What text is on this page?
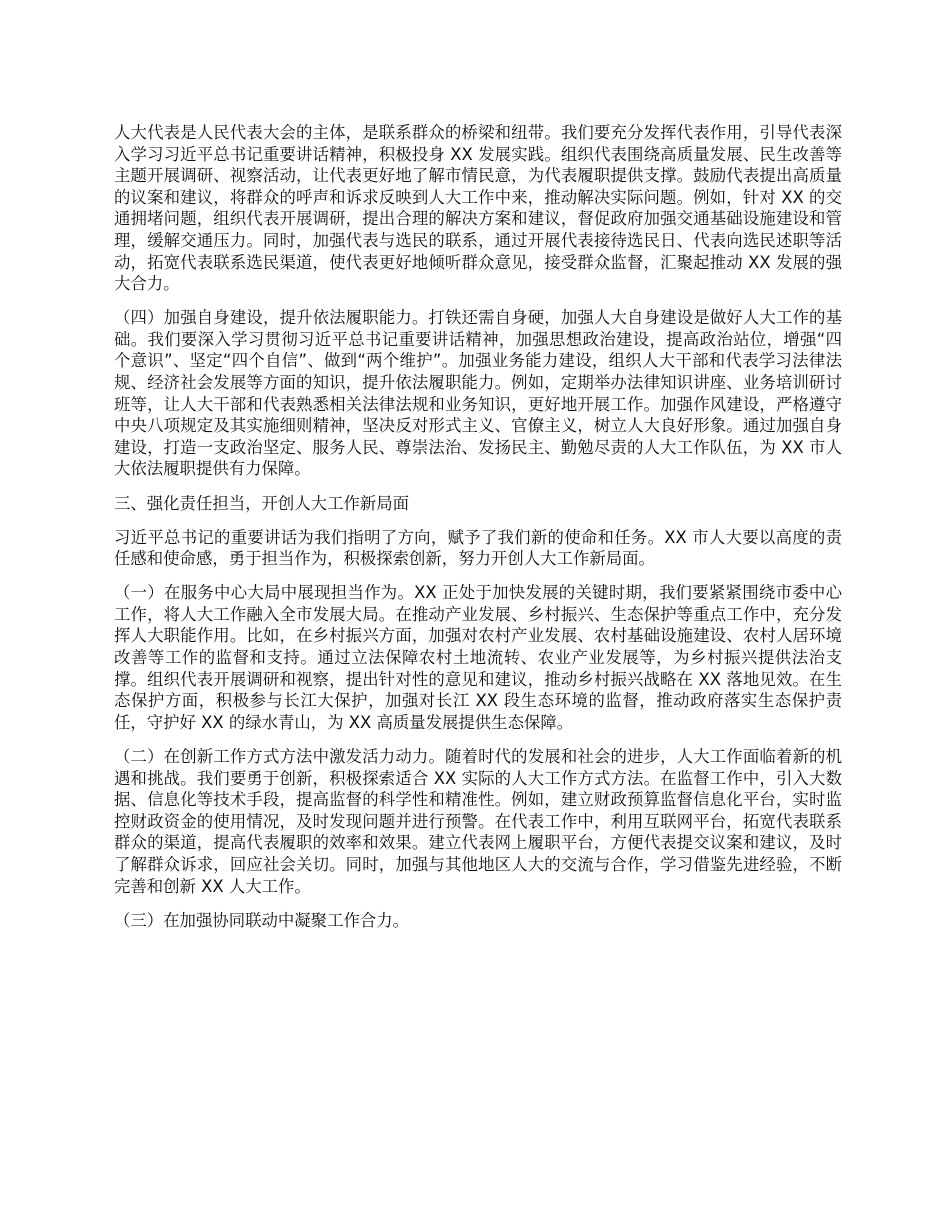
人大代表是人民代表大会的主体，是联系群众的桥梁和纽带。我们要充分发挥代表作用，引导代表深入学习习近平总书记重要讲话精神，积极投身 XX 发展实践。组织代表围绕高质量发展、民生改善等主题开展调研、视察活动，让代表更好地了解市情民意，为代表履职提供支撑。鼓励代表提出高质量的议案和建议，将群众的呼声和诉求反映到人大工作中来，推动解决实际问题。例如，针对 XX 的交通拥堵问题，组织代表开展调研，提出合理的解决方案和建议，督促政府加强交通基础设施建设和管理，缓解交通压力。同时，加强代表与选民的联系，通过开展代表接待选民日、代表向选民述职等活动，拓宽代表联系选民渠道，使代表更好地倾听群众意见，接受群众监督，汇聚起推动 XX 发展的强大合力。

（四）加强自身建设，提升依法履职能力。打铁还需自身硬，加强人大自身建设是做好人大工作的基础。我们要深入学习贯彻习近平总书记重要讲话精神，加强思想政治建设，提高政治站位，增强“四个意识”、坚定“四个自信”、做到“两个维护”。加强业务能力建设，组织人大干部和代表学习法律法规、经济社会发展等方面的知识，提升依法履职能力。例如，定期举办法律知识讲座、业务培训研讨班等，让人大干部和代表熟悉相关法律法规和业务知识，更好地开展工作。加强作风建设，严格遵守中央八项规定及其实施细则精神，坚决反对形式主义、官僚主义，树立人大良好形象。通过加强自身建设，打造一支政治坚定、服务人民、尊崇法治、发扬民主、勤勉尽责的人大工作队伍，为 XX 市人大依法履职提供有力保障。

三、强化责任担当，开创人大工作新局面

习近平总书记的重要讲话为我们指明了方向，赋予了我们新的使命和任务。XX 市人大要以高度的责任感和使命感，勇于担当作为，积极探索创新，努力开创人大工作新局面。

（一）在服务中心大局中展现担当作为。XX 正处于加快发展的关键时期，我们要紧紧围绕市委中心工作，将人大工作融入全市发展大局。在推动产业发展、乡村振兴、生态保护等重点工作中，充分发挥人大职能作用。比如，在乡村振兴方面，加强对农村产业发展、农村基础设施建设、农村人居环境改善等工作的监督和支持。通过立法保障农村土地流转、农业产业发展等，为乡村振兴提供法治支撑。组织代表开展调研和视察，提出针对性的意见和建议，推动乡村振兴战略在 XX 落地见效。在生态保护方面，积极参与长江大保护，加强对长江 XX 段生态环境的监督，推动政府落实生态保护责任，守护好 XX 的绿水青山，为 XX 高质量发展提供生态保障。

（二）在创新工作方式方法中激发活力动力。随着时代的发展和社会的进步，人大工作面临着新的机遇和挑战。我们要勇于创新，积极探索适合 XX 实际的人大工作方式方法。在监督工作中，引入大数据、信息化等技术手段，提高监督的科学性和精准性。例如，建立财政预算监督信息化平台，实时监控财政资金的使用情况，及时发现问题并进行预警。在代表工作中，利用互联网平台，拓宽代表联系群众的渠道，提高代表履职的效率和效果。建立代表网上履职平台，方便代表提交议案和建议，及时了解群众诉求，回应社会关切。同时，加强与其他地区人大的交流与合作，学习借鉴先进经验，不断完善和创新 XX 人大工作。

（三）在加强协同联动中凝聚工作合力。
